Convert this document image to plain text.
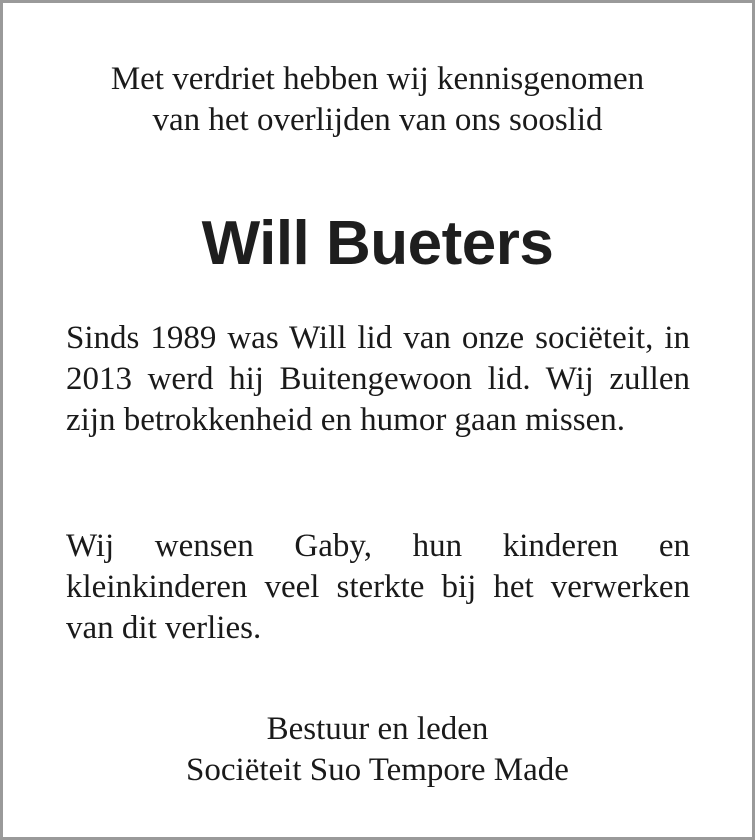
Met verdriet hebben wij kennisgenomen
van het overlijden van ons sooslid
Will Bueters

Sinds 1989 was Will lid van onze sociëteit, in 2013 werd hij Buitengewoon lid. Wij zullen zijn betrokkenheid en humor gaan missen.

Wij wensen Gaby, hun kinderen en kleinkinderen veel sterkte bij het verwerken van dit verlies.

Bestuur en leden
Sociëteit Suo Tempore Made
